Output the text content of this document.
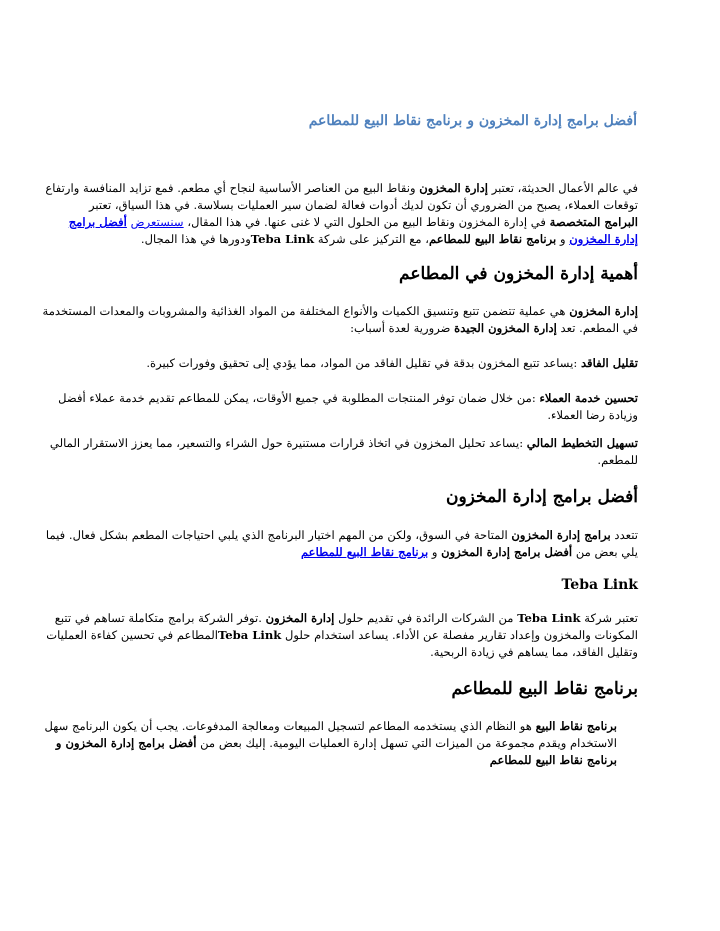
أفضل برامج إدارة المخزون و برنامج نقاط البيع للمطاعم

في عالم الأعمال الحديثة، تعتبر إدارة المخزون ونقاط البيع من العناصر الأساسية لنجاح أي مطعم. فمع تزايد المنافسة وارتفاع

توقعات العملاء، يصبح من الضروري أن تكون لديك أدوات فعالة لضمان سير العمليات بسلاسة. في هذا السياق، تعتبر

البرامج المتخصصة في إدارة المخزون ونقاط البيع من الحلول التي لا غنى عنها. في هذا المقال، سنستعرض أفضل برامج

إدارة المخزون و برنامج نقاط البيع للمطاعم، مع التركيز على شركة Teba Linkودورها في هذا المجال.

أهمية إدارة المخزون في المطاعم

إدارة المخزون هي عملية تتضمن تتبع وتنسيق الكميات والأنواع المختلفة من المواد الغذائية والمشروبات والمعدات المستخدمة

في المطعم. تعد إدارة المخزون الجيدة ضرورية لعدة أسباب:

تقليل الفاقد :يساعد تتبع المخزون بدقة في تقليل الفاقد من المواد، مما يؤدي إلى تحقيق وفورات كبيرة.

تحسين خدمة العملاء :من خلال ضمان توفر المنتجات المطلوبة في جميع الأوقات، يمكن للمطاعم تقديم خدمة عملاء أفضل

وزيادة رضا العملاء.

تسهيل التخطيط المالي :يساعد تحليل المخزون في اتخاذ قرارات مستنيرة حول الشراء والتسعير، مما يعزز الاستقرار المالي

للمطعم.

أفضل برامج إدارة المخزون

تتعدد برامج إدارة المخزون المتاحة في السوق، ولكن من المهم اختيار البرنامج الذي يلبي احتياجات المطعم بشكل فعال. فيما

يلي بعض من أفضل برامج إدارة المخزون و برنامج نقاط البيع للمطاعم

Teba Link

تعتبر شركة Teba Link من الشركات الرائدة في تقديم حلول إدارة المخزون .توفر الشركة برامج متكاملة تساهم في تتبع

المكونات والمخزون وإعداد تقارير مفصلة عن الأداء. يساعد استخدام حلول Teba Linkالمطاعم في تحسين كفاءة العمليات

وتقليل الفاقد، مما يساهم في زيادة الربحية.

برنامج نقاط البيع للمطاعم

برنامج نقاط البيع هو النظام الذي يستخدمه المطاعم لتسجيل المبيعات ومعالجة المدفوعات. يجب أن يكون البرنامج سهل

الاستخدام ويقدم مجموعة من الميزات التي تسهل إدارة العمليات اليومية. إليك بعض من أفضل برامج إدارة المخزون و

برنامج نقاط البيع للمطاعم
